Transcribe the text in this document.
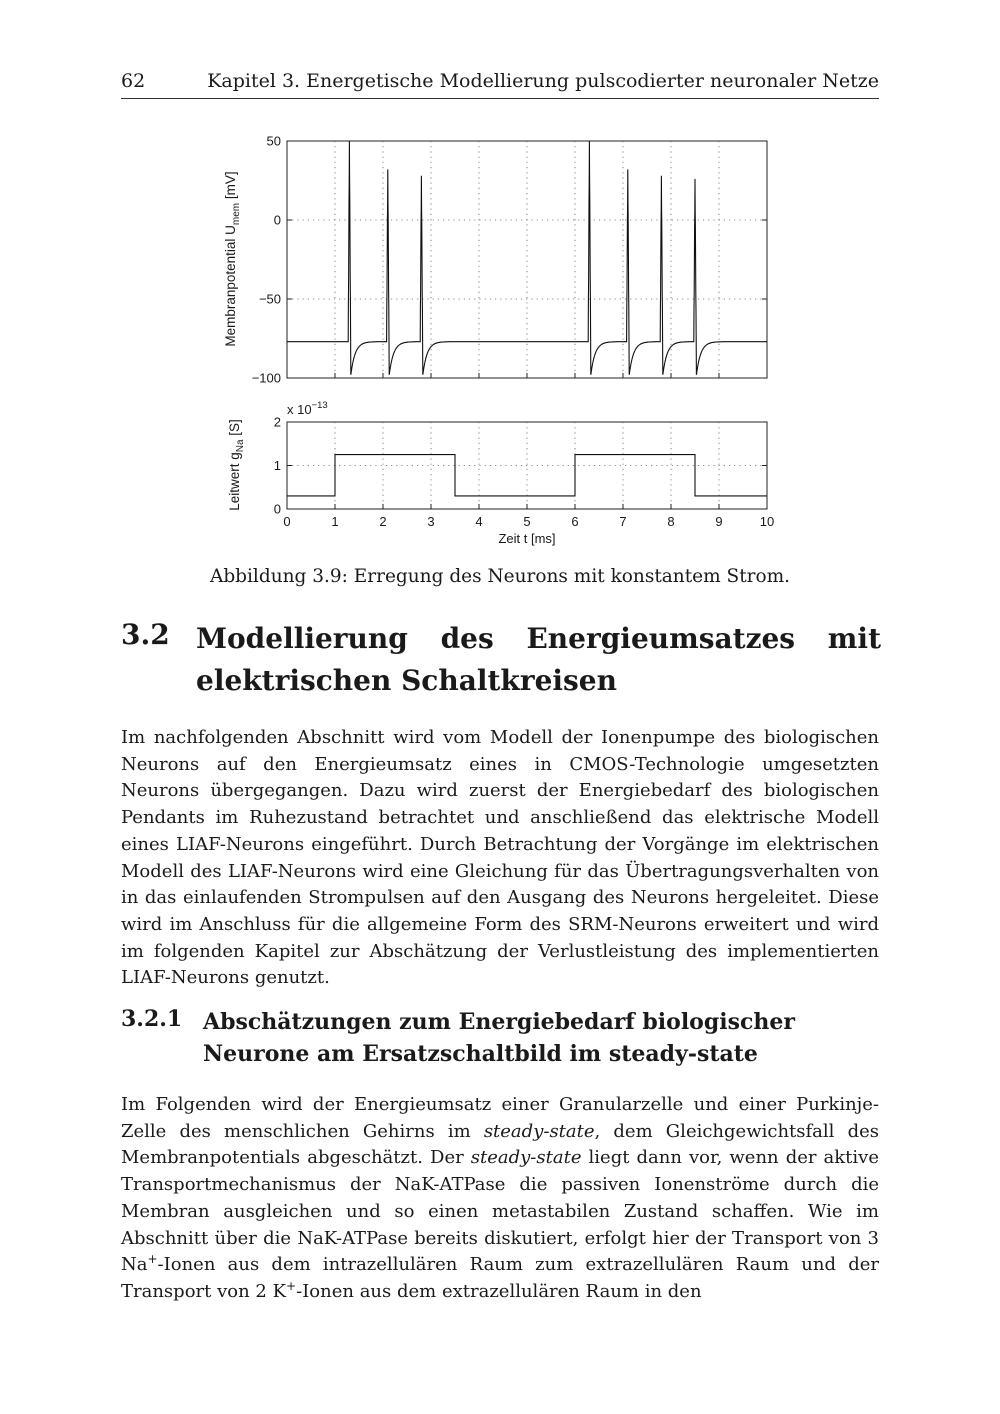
62	Kapitel 3. Energetische Modellierung pulscodierter neuronaler Netze
50
0
−50
−100
Membranpotential $U_{mem}$ [mV]
x $10^{-13}$
2
1
0
0	1	2	3	4	5	6	7	8	9	10
Leitwert $g_{Na}$ [S]
Zeit t [ms]
Abbildung 3.9: Erregung des Neurons mit konstantem Strom.
3.2 Modellierung des Energieumsatzes mit elektrischen Schaltkreisen

Im nachfolgenden Abschnitt wird vom Modell der Ionenpumpe des biologischen Neurons auf den Energieumsatz eines in CMOS-Technologie umgesetzten Neurons übergegangen. Dazu wird zuerst der Energiebedarf des biologischen Pendants im Ruhezustand betrachtet und anschließend das elektrische Modell eines LIAF-Neurons eingeführt. Durch Betrachtung der Vorgänge im elektrischen Modell des LIAF-Neurons wird eine Gleichung für das Übertragungsverhalten von in das einlaufenden Strompulsen auf den Ausgang des Neurons hergeleitet. Diese wird im Anschluss für die allgemeine Form des SRM-Neurons erweitert und wird im folgenden Kapitel zur Abschätzung der Verlustleistung des implementierten LIAF-Neurons genutzt.

3.2.1 Abschätzungen zum Energiebedarf biologischer Neurone am Ersatzschaltbild im steady-state

Im Folgenden wird der Energieumsatz einer Granularzelle und einer Purkinje-Zelle des menschlichen Gehirns im steady-state, dem Gleichgewichtsfall des Membranpotentials abgeschätzt. Der steady-state liegt dann vor, wenn der aktive Transportmechanismus der NaK-ATPase die passiven Ionenströme durch die Membran ausgleichen und so einen metastabilen Zustand schaffen. Wie im Abschnitt über die NaK-ATPase bereits diskutiert, erfolgt hier der Transport von 3 Na+-Ionen aus dem intrazellulären Raum zum extrazellulären Raum und der Transport von 2 K+-Ionen aus dem extrazellulären Raum in den
